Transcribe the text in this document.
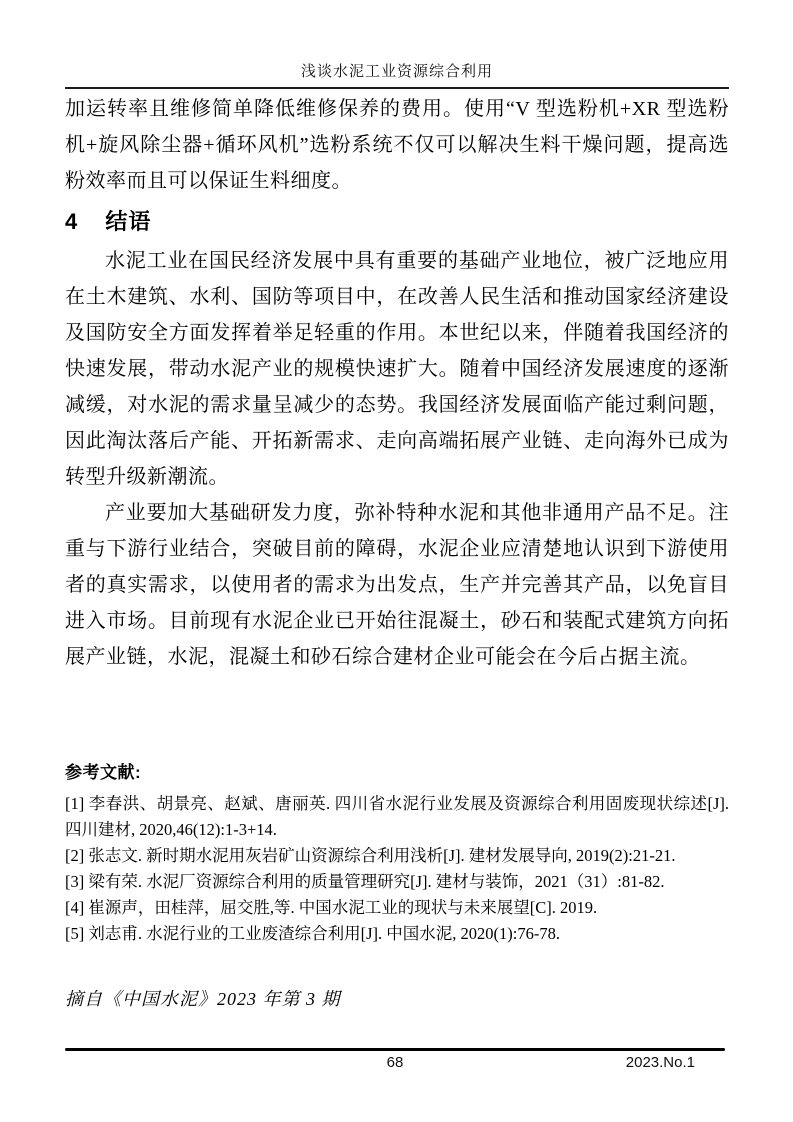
浅谈水泥工业资源综合利用

加运转率且维修简单降低维修保养的费用。使用“V 型选粉机+XR 型选粉机+旋风除尘器+循环风机”选粉系统不仅可以解决生料干燥问题，提高选粉效率而且可以保证生料细度。

4 结语

水泥工业在国民经济发展中具有重要的基础产业地位，被广泛地应用在土木建筑、水利、国防等项目中，在改善人民生活和推动国家经济建设及国防安全方面发挥着举足轻重的作用。本世纪以来，伴随着我国经济的快速发展，带动水泥产业的规模快速扩大。随着中国经济发展速度的逐渐减缓，对水泥的需求量呈减少的态势。我国经济发展面临产能过剩问题，因此淘汰落后产能、开拓新需求、走向高端拓展产业链、走向海外已成为转型升级新潮流。

产业要加大基础研发力度，弥补特种水泥和其他非通用产品不足。注重与下游行业结合，突破目前的障碍，水泥企业应清楚地认识到下游使用者的真实需求，以使用者的需求为出发点，生产并完善其产品，以免盲目进入市场。目前现有水泥企业已开始往混凝土，砂石和装配式建筑方向拓展产业链，水泥，混凝土和砂石综合建材企业可能会在今后占据主流。

参考文献:

[1] 李春洪、胡景亮、赵斌、唐丽英. 四川省水泥行业发展及资源综合利用固废现状综述[J]. 四川建材, 2020,46(12):1-3+14.

[2] 张志文. 新时期水泥用灰岩矿山资源综合利用浅析[J]. 建材发展导向, 2019(2):21-21.

[3] 梁有荣. 水泥厂资源综合利用的质量管理研究[J]. 建材与装饰，2021（31）:81-82.

[4] 崔源声，田桂萍，屈交胜,等. 中国水泥工业的现状与未来展望[C]. 2019.

[5] 刘志甫. 水泥行业的工业废渣综合利用[J]. 中国水泥, 2020(1):76-78.

摘自《中国水泥》2023 年第 3 期

68	2023.No.1
